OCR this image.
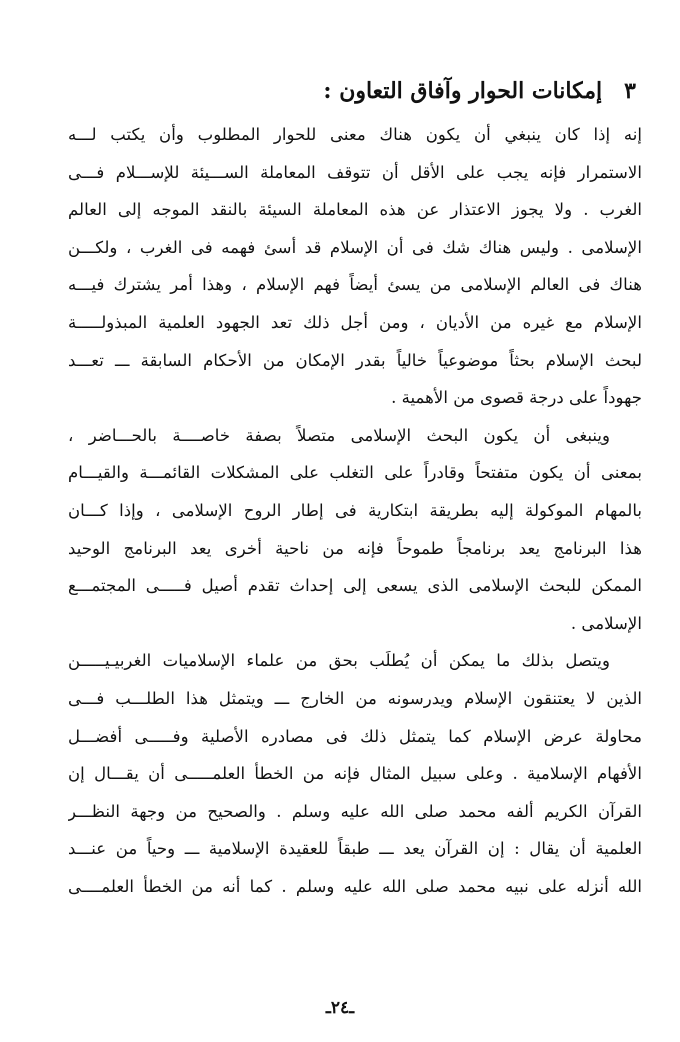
٣إمكانات الحوار وآفاق التعاون :
إنه إذا كان ينبغي أن يكون هناك معنى للحوار المطلوب وأن يكتب لـــه
الاستمرار فإنه يجب على الأقل أن تتوقف المعاملة الســـيئة للإســـلام فـــى
الغرب . ولا يجوز الاعتذار عن هذه المعاملة السيئة بالنقد الموجه إلى العالم
الإسلامى . وليس هناك شك فى أن الإسلام قد أسئ فهمه فى الغرب ، ولكـــن
هناك فى العالم الإسلامى من يسئ أيضاً فهم الإسلام ، وهذا أمر يشترك فيـــه
الإسلام مع غيره من الأديان ، ومن أجل ذلك تعد الجهود العلمية المبذولـــــة
لبحث الإسلام بحثاً موضوعياً خالياً بقدر الإمكان من الأحكام السابقة ـــ تعـــد
جهوداً على درجة قصوى من الأهمية .
وينبغى أن يكون البحث الإسلامى متصلاً بصفة خاصــــة بالحـــاضر ،
بمعنى أن يكون متفتحاً وقادراً على التغلب على المشكلات القائمـــة والقيـــام
بالمهام الموكولة إليه بطريقة ابتكارية فى إطار الروح الإسلامى ، وإذا كـــان
هذا البرنامج يعد برنامجاً طموحاً فإنه من ناحية أخرى يعد البرنامج الوحيد
الممكن للبحث الإسلامى الذى يسعى إلى إحداث تقدم أصيل فـــــى المجتمـــع
الإسلامى .
ويتصل بذلك ما يمكن أن يُطلَب بحق من علماء الإسلاميات الغربيـيـــــن
الذين لا يعتنقون الإسلام ويدرسونه من الخارج ـــ ويتمثل هذا الطلـــب فـــى
محاولة عرض الإسلام كما يتمثل ذلك فى مصادره الأصلية وفـــــى أفضـــل
الأفهام الإسلامية . وعلى سبيل المثال فإنه من الخطأ العلمـــــى أن يقـــال إن
القرآن الكريم ألفه محمد صلى الله عليه وسلم . والصحيح من وجهة النظـــر
العلمية أن يقال : إن القرآن يعد ـــ طبقاً للعقيدة الإسلامية ـــ وحياً من عنـــد
الله أنزله على نبيه محمد صلى الله عليه وسلم . كما أنه من الخطأ العلمــــى
ـ٢٤ـ
